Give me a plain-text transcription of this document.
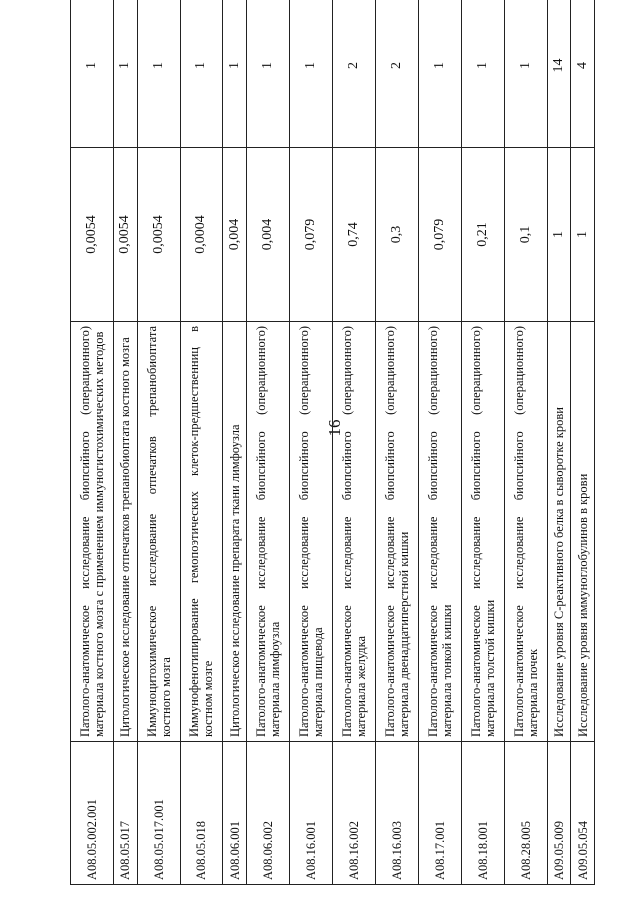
16
A08.05.002.001	Патолого-анатомическое исследование биопсийного (операционного) материала костного мозга с применением иммуногистохимических методов	0,0054	1
A08.05.017	Цитологическое исследование отпечатков трепанобиоптата костного мозга	0,0054	1
A08.05.017.001	Иммуноцитохимическое исследование отпечатков трепанобиоптата костного мозга	0,0054	1
A08.05.018	Иммунофенотипирование гемопоэтических клеток-предшественниц в костном мозге	0,0004	1
A08.06.001	Цитологическое исследование препарата ткани лимфоузла	0,004	1
A08.06.002	Патолого-анатомическое исследование биопсийного (операционного) материала лимфоузла	0,004	1
A08.16.001	Патолого-анатомическое исследование биопсийного (операционного) материала пищевода	0,079	1
A08.16.002	Патолого-анатомическое исследование биопсийного (операционного) материала желудка	0,74	2
A08.16.003	Патолого-анатомическое исследование биопсийного (операционного) материала двенадцатиперстной кишки	0,3	2
A08.17.001	Патолого-анатомическое исследование биопсийного (операционного) материала тонкой кишки	0,079	1
A08.18.001	Патолого-анатомическое исследование биопсийного (операционного) материала толстой кишки	0,21	1
A08.28.005	Патолого-анатомическое исследование биопсийного (операционного) материала почек	0,1	1
A09.05.009	Исследование уровня С-реактивного белка в сыворотке крови	1	14
A09.05.054	Исследование уровня иммуноглобулинов в крови	1	4
